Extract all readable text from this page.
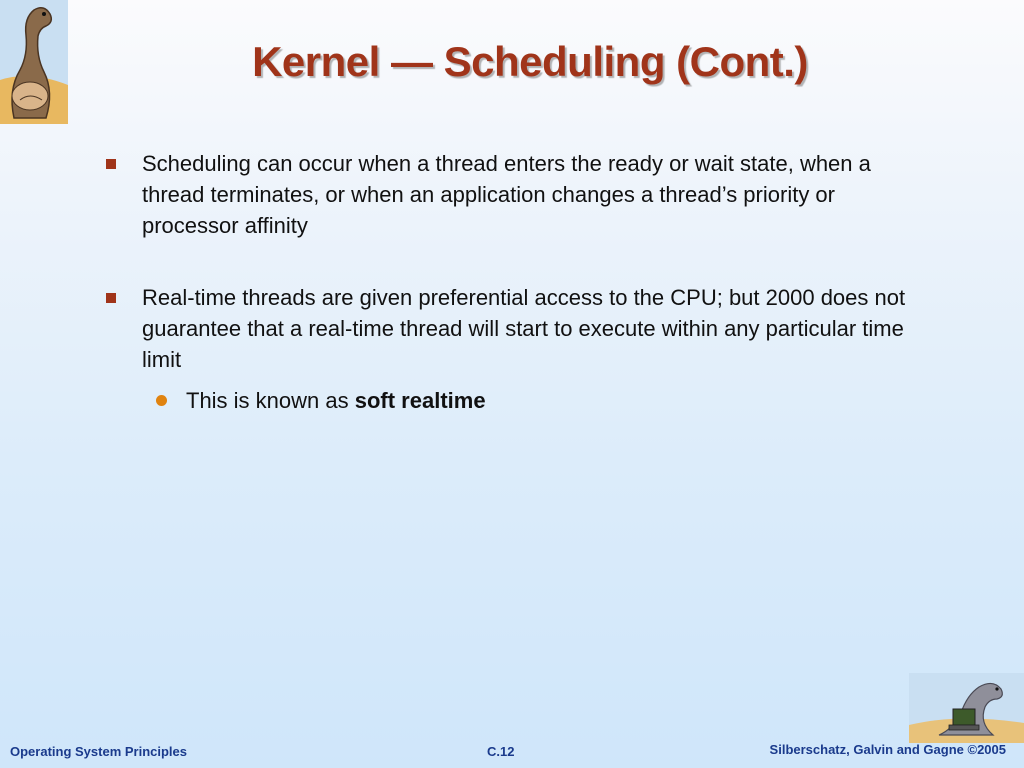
Kernel — Scheduling (Cont.)
Scheduling can occur when a thread enters the ready or wait state, when a thread terminates, or when an application changes a thread’s priority or processor affinity
Real-time threads are given preferential access to the CPU; but 2000 does not guarantee that a real-time thread will start to execute within any particular time limit
This is known as soft realtime
Operating System Principles	C.12	Silberschatz, Galvin and Gagne ©2005
